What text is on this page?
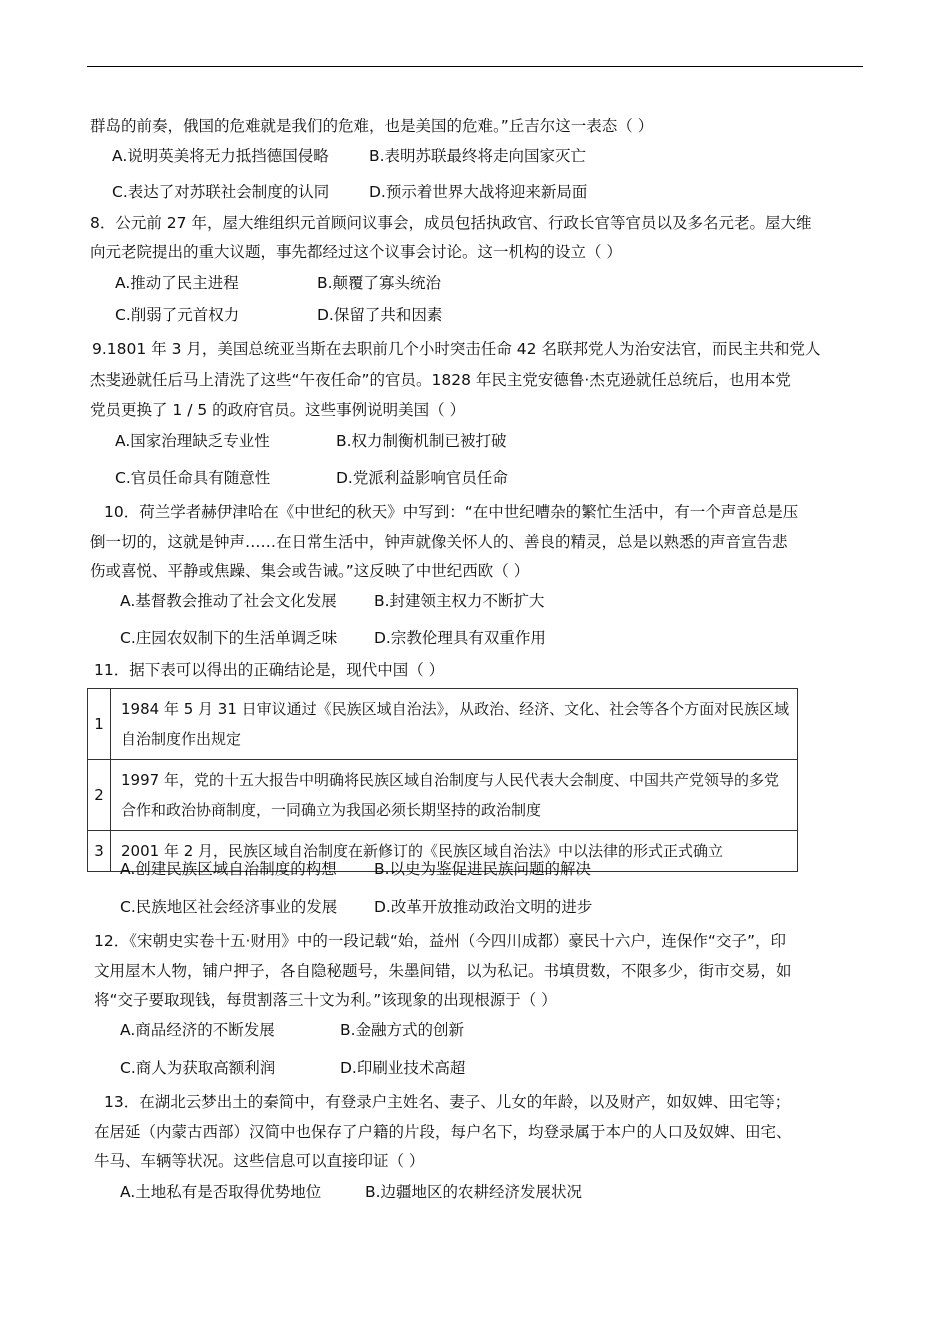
群岛的前奏，俄国的危难就是我们的危难，也是美国的危难。”丘吉尔这一表态（ ）
A.说明英美将无力抵挡德国侵略	B.表明苏联最终将走向国家灭亡
C.表达了对苏联社会制度的认同	D.预示着世界大战将迎来新局面
8．公元前 27 年，屋大维组织元首顾问议事会，成员包括执政官、行政长官等官员以及多名元老。屋大维
向元老院提出的重大议题，事先都经过这个议事会讨论。这一机构的设立（ ）
A.推动了民主进程	B.颠覆了寡头统治
C.削弱了元首权力	D.保留了共和因素
9.1801 年 3 月，美国总统亚当斯在去职前几个小时突击任命 42 名联邦党人为治安法官，而民主共和党人
杰斐逊就任后马上清洗了这些“午夜任命”的官员。1828 年民主党安德鲁·杰克逊就任总统后，也用本党
党员更换了 1 / 5 的政府官员。这些事例说明美国（ ）
A.国家治理缺乏专业性	B.权力制衡机制已被打破
C.官员任命具有随意性	D.党派利益影响官员任命
10．荷兰学者赫伊津哈在《中世纪的秋天》中写到：“在中世纪嘈杂的繁忙生活中，有一个声音总是压
倒一切的，这就是钟声……在日常生活中，钟声就像关怀人的、善良的精灵，总是以熟悉的声音宣告悲
伤或喜悦、平静或焦躁、集会或告诫。”这反映了中世纪西欧（ ）
A.基督教会推动了社会文化发展 B.封建领主权力不断扩大
C.庄园农奴制下的生活单调乏味 D.宗教伦理具有双重作用
11．据下表可以得出的正确结论是，现代中国（ ）
1	1984 年 5 月 31 日审议通过《民族区域自治法》，从政治、经济、文化、社会等各个方面对民族区域自治制度作出规定
2	1997 年，党的十五大报告中明确将民族区域自治制度与人民代表大会制度、中国共产党领导的多党合作和政治协商制度，一同确立为我国必须长期坚持的政治制度
3	2001 年 2 月，民族区域自治制度在新修订的《民族区域自治法》中以法律的形式正式确立
A.创建民族区域自治制度的构想 B.以史为鉴促进民族问题的解决
C.民族地区社会经济事业的发展 D.改革开放推动政治文明的进步
12．《宋朝史实卷十五·财用》中的一段记载“始，益州（今四川成都）豪民十六户，连保作“交子”，印
文用屋木人物，铺户押子，各自隐秘题号，朱墨间错，以为私记。书填贯数，不限多少，街市交易，如
将“交子要取现钱，每贯割落三十文为利。”该现象的出现根源于（ ）
A.商品经济的不断发展	B.金融方式的创新
C.商人为获取高额利润	D.印刷业技术高超
13．在湖北云梦出土的秦简中，有登录户主姓名、妻子、儿女的年龄，以及财产，如奴婢、田宅等；
在居延（内蒙古西部）汉简中也保存了户籍的片段，每户名下，均登录属于本户的人口及奴婢、田宅、
牛马、车辆等状况。这些信息可以直接印证（ ）
A.土地私有是否取得优势地位	B.边疆地区的农耕经济发展状况
